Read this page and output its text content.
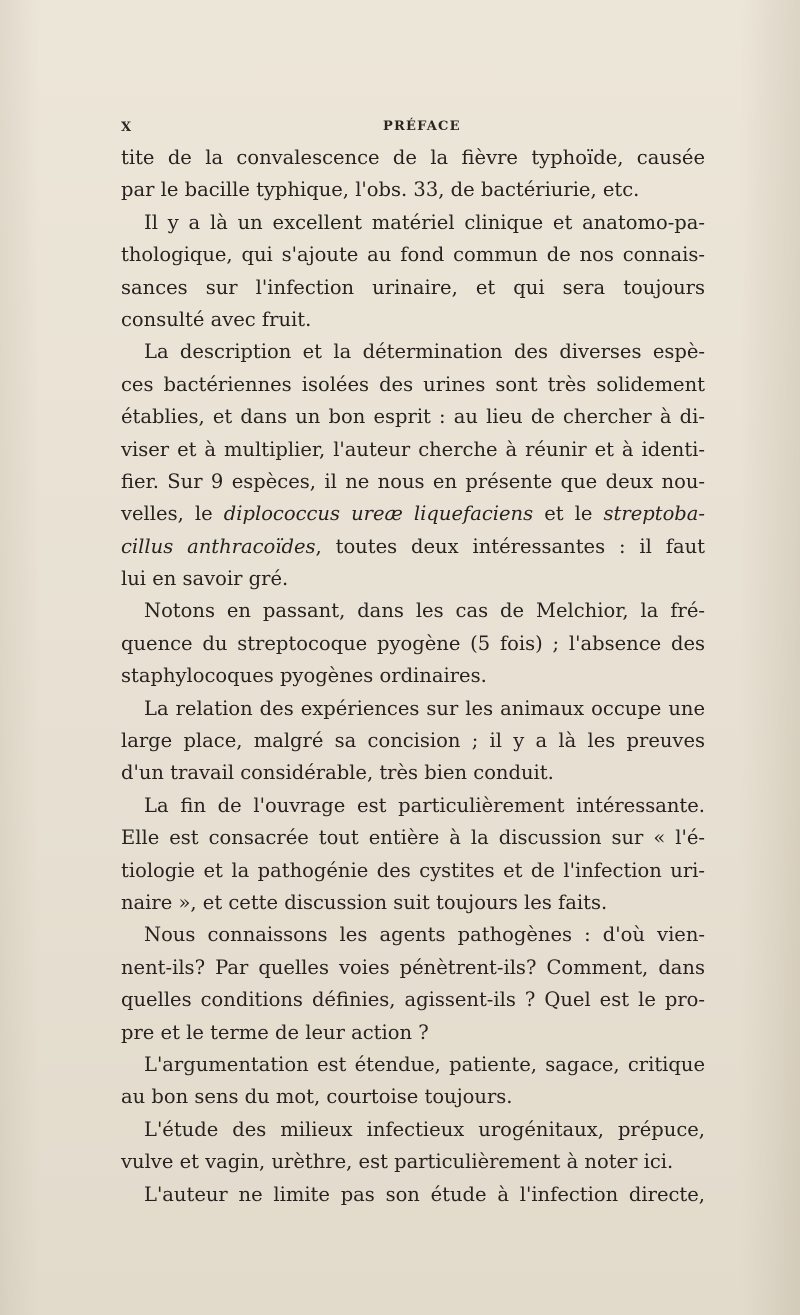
X	PRÉFACE
tite de la convalescence de la fièvre typhoïde, causée
par le bacille typhique, l'obs. 33, de bactériurie, etc.
Il y a là un excellent matériel clinique et anatomo-pa-
thologique, qui s'ajoute au fond commun de nos connais-
sances sur l'infection urinaire, et qui sera toujours
consulté avec fruit.
La description et la détermination des diverses espè-
ces bactériennes isolées des urines sont très solidement
établies, et dans un bon esprit : au lieu de chercher à di-
viser et à multiplier, l'auteur cherche à réunir et à identi-
fier. Sur 9 espèces, il ne nous en présente que deux nou-
velles, le diplococcus ureæ liquefaciens et le streptoba-
cillus anthracoïdes, toutes deux intéressantes : il faut
lui en savoir gré.
Notons en passant, dans les cas de Melchior, la fré-
quence du streptocoque pyogène (5 fois) ; l'absence des
staphylocoques pyogènes ordinaires.
La relation des expériences sur les animaux occupe une
large place, malgré sa concision ; il y a là les preuves
d'un travail considérable, très bien conduit.
La fin de l'ouvrage est particulièrement intéressante.
Elle est consacrée tout entière à la discussion sur « l'é-
tiologie et la pathogénie des cystites et de l'infection uri-
naire », et cette discussion suit toujours les faits.
Nous connaissons les agents pathogènes : d'où vien-
nent-ils? Par quelles voies pénètrent-ils? Comment, dans
quelles conditions définies, agissent-ils ? Quel est le pro-
pre et le terme de leur action ?
L'argumentation est étendue, patiente, sagace, critique
au bon sens du mot, courtoise toujours.
L'étude des milieux infectieux urogénitaux, prépuce,
vulve et vagin, urèthre, est particulièrement à noter ici.
L'auteur ne limite pas son étude à l'infection directe,
